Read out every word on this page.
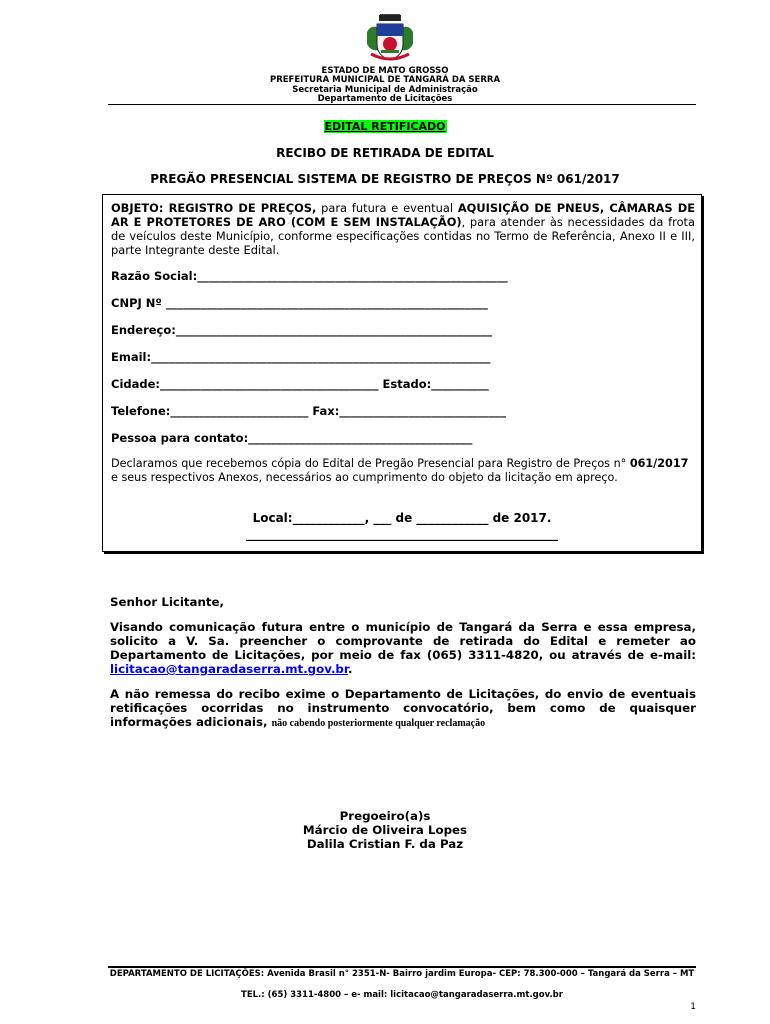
ESTADO DE MATO GROSSO
PREFEITURA MUNICIPAL DE TANGARÁ DA SERRA
Secretaria Municipal de Administração
Departamento de Licitações
EDITAL RETIFICADO
RECIBO DE RETIRADA DE EDITAL
PREGÃO PRESENCIAL SISTEMA DE REGISTRO DE PREÇOS Nº 061/2017
OBJETO: REGISTRO DE PREÇOS, para futura e eventual AQUISIÇÃO DE PNEUS, CÂMARAS DE AR E PROTETORES DE ARO (COM E SEM INSTALAÇÃO), para atender às necessidades da frota de veículos deste Município, conforme especificações contidas no Termo de Referência, Anexo II e III, parte Integrante deste Edital.
Razão Social:______________________________________________________
CNPJ Nº ________________________________________________________
Endereço:_______________________________________________________
Email:___________________________________________________________
Cidade:______________________________________ Estado:__________
Telefone:________________________ Fax:_____________________________
Pessoa para contato:_______________________________________
Declaramos que recebemos cópia do Edital de Pregão Presencial para Registro de Preços n° 061/2017 e seus respectivos Anexos, necessários ao cumprimento do objeto da licitação em apreço.
Local:____________, ___ de ____________ de 2017.
____________________________________________________
Senhor Licitante,
Visando comunicação futura entre o município de Tangará da Serra e essa empresa, solicito a V. Sa. preencher o comprovante de retirada do Edital e remeter ao Departamento de Licitações, por meio de fax (065) 3311-4820, ou através de e-mail: licitacao@tangaradaserra.mt.gov.br.
A não remessa do recibo exime o Departamento de Licitações, do envio de eventuais retificações ocorridas no instrumento convocatório, bem como de quaisquer informações adicionais, não cabendo posteriormente qualquer reclamação
Pregoeiro(a)s
Márcio de Oliveira Lopes
Dalila Cristian F. da Paz
DEPARTAMENTO DE LICITAÇÕES: Avenida Brasil n° 2351-N- Bairro jardim Europa- CEP: 78.300-000 – Tangará da Serra – MT
TEL.: (65) 3311-4800 – e- mail: licitacao@tangaradaserra.mt.gov.br
1
